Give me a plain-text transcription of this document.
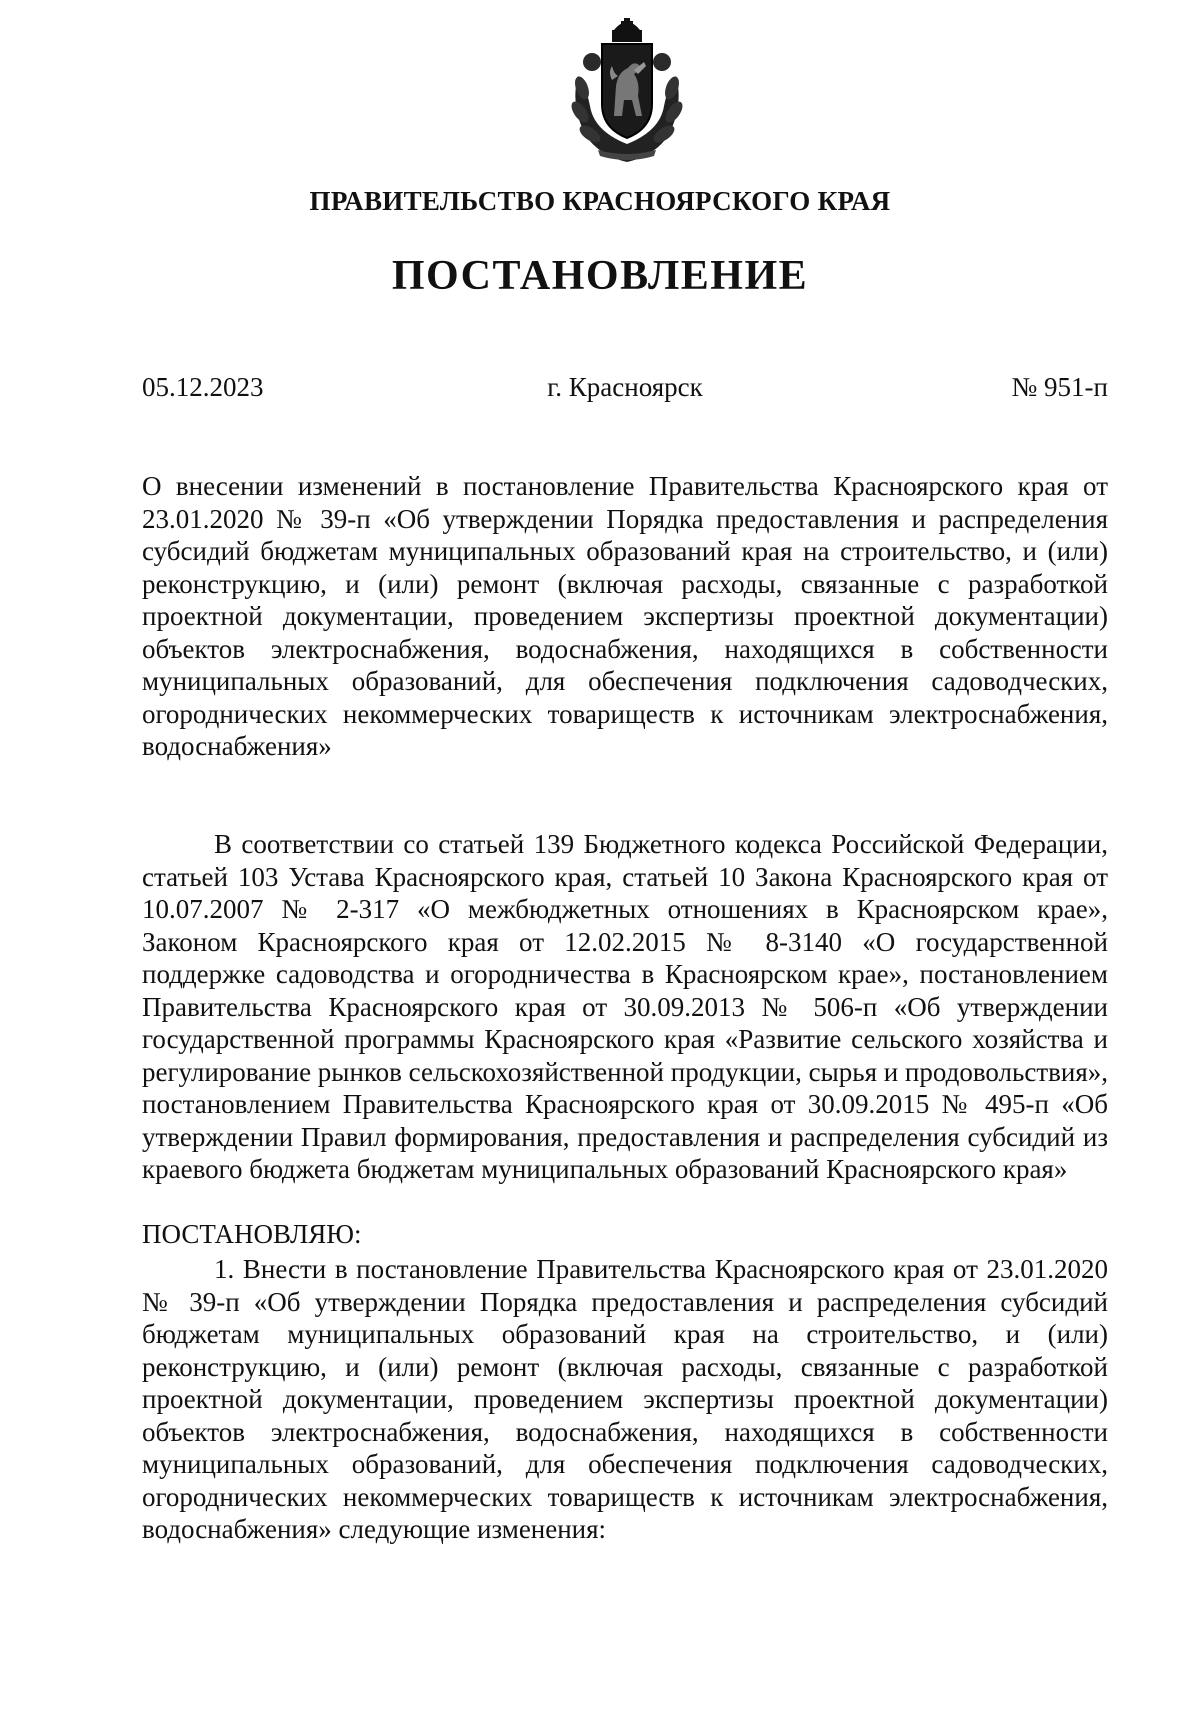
ПРАВИТЕЛЬСТВО КРАСНОЯРСКОГО КРАЯ
ПОСТАНОВЛЕНИЕ
05.12.2023	г. Красноярск	№ 951-п

О внесении изменений в постановление Правительства Красноярского края от 23.01.2020 № 39-п «Об утверждении Порядка предоставления и распределения субсидий бюджетам муниципальных образований края на строительство, и (или) реконструкцию, и (или) ремонт (включая расходы, связанные с разработкой проектной документации, проведением экспертизы проектной документации) объектов электроснабжения, водоснабжения, находящихся в собственности муниципальных образований, для обеспечения подключения садоводческих, огороднических некоммерческих товариществ к источникам электроснабжения, водоснабжения»

В соответствии со статьей 139 Бюджетного кодекса Российской Федерации, статьей 103 Устава Красноярского края, статьей 10 Закона Красноярского края от 10.07.2007 № 2-317 «О межбюджетных отношениях в Красноярском крае», Законом Красноярского края от 12.02.2015 № 8-3140 «О государственной поддержке садоводства и огородничества в Красноярском крае», постановлением Правительства Красноярского края от 30.09.2013 № 506-п «Об утверждении государственной программы Красноярского края «Развитие сельского хозяйства и регулирование рынков сельскохозяйственной продукции, сырья и продовольствия», постановлением Правительства Красноярского края от 30.09.2015 № 495-п «Об утверждении Правил формирования, предоставления и распределения субсидий из краевого бюджета бюджетам муниципальных образований Красноярского края»

ПОСТАНОВЛЯЮ:

1. Внести в постановление Правительства Красноярского края от 23.01.2020 № 39-п «Об утверждении Порядка предоставления и распределения субсидий бюджетам муниципальных образований края на строительство, и (или) реконструкцию, и (или) ремонт (включая расходы, связанные с разработкой проектной документации, проведением экспертизы проектной документации) объектов электроснабжения, водоснабжения, находящихся в собственности муниципальных образований, для обеспечения подключения садоводческих, огороднических некоммерческих товариществ к источникам электроснабжения, водоснабжения» следующие изменения:
